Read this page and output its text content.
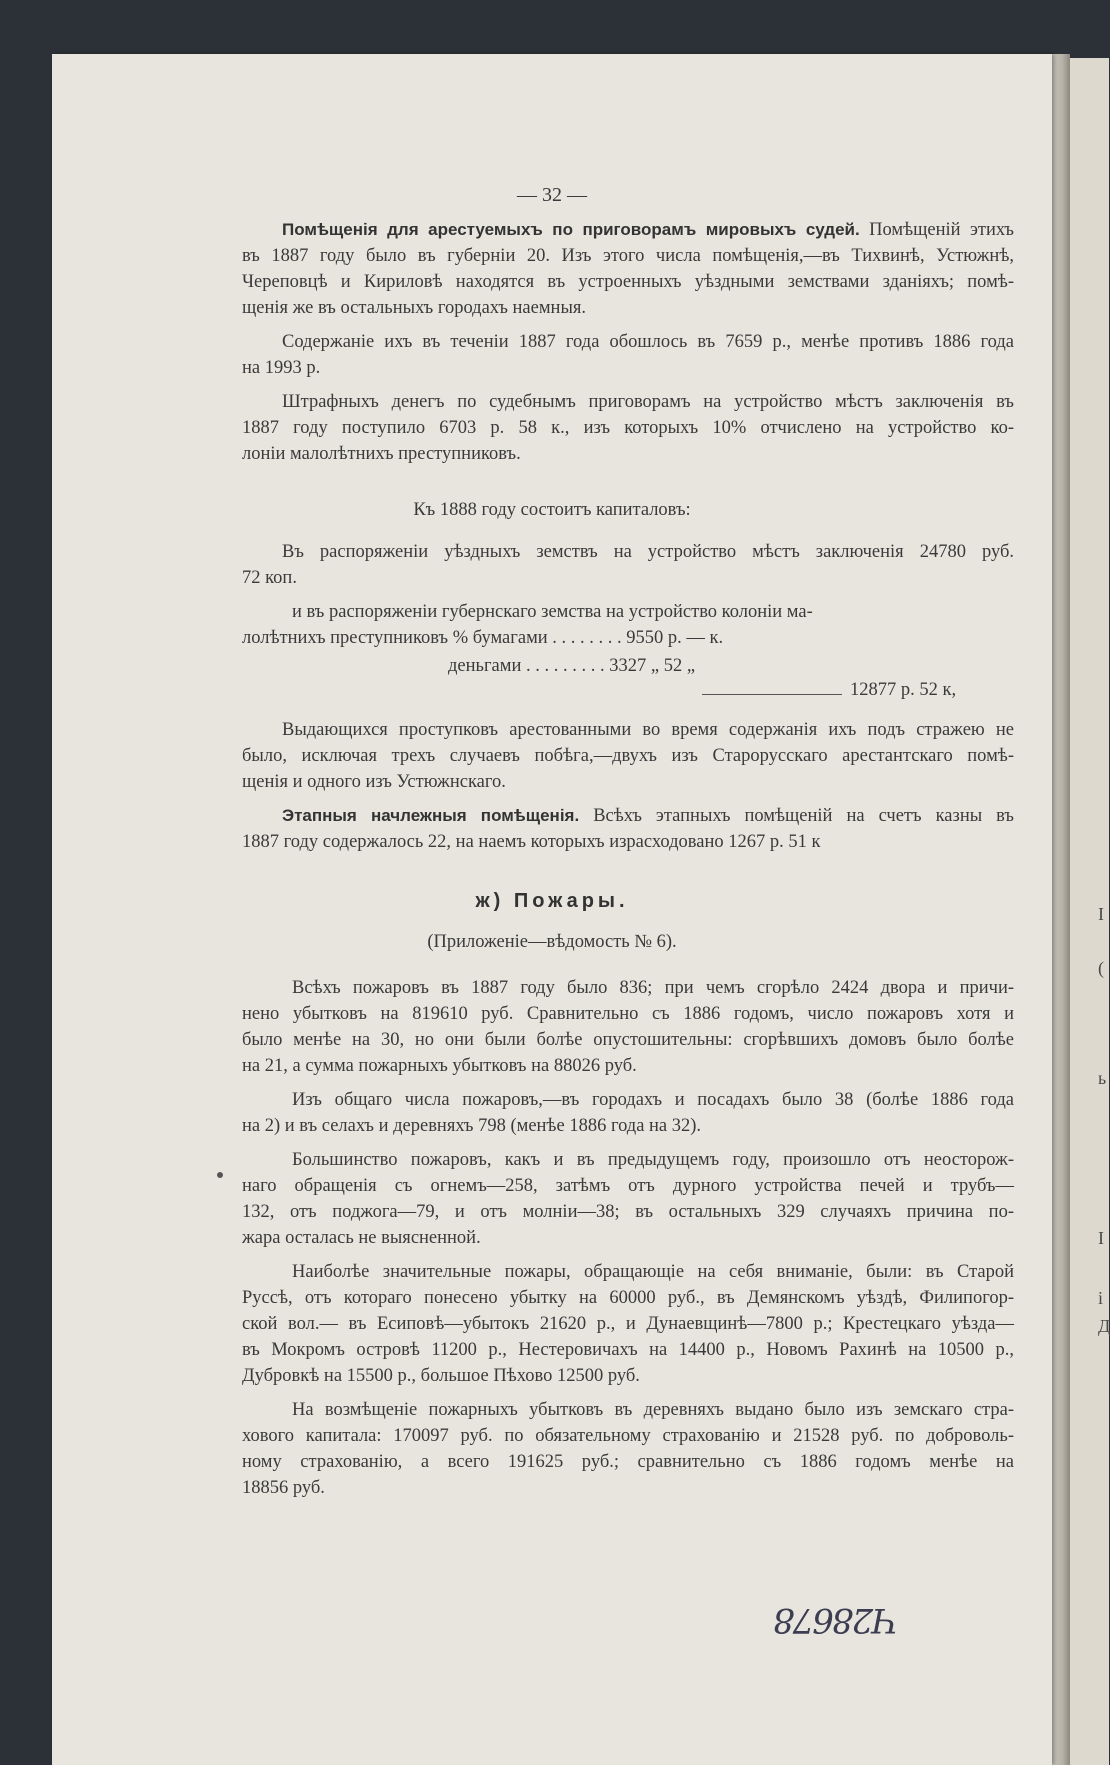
І
(
ь
І
і
Д
— 32 —
Помѣщенія для арестуемыхъ по приговорамъ мировыхъ судей. Помѣщеній этихъ
въ 1887 году было въ губерніи 20. Изъ этого числа помѣщенія,—въ Тихвинѣ, Устюжнѣ,
Череповцѣ и Кириловѣ находятся въ устроенныхъ уѣздными земствами зданіяхъ; помѣ-
щенія же въ остальныхъ городахъ наемныя.
Содержаніе ихъ въ теченіи 1887 года обошлось въ 7659 р., менѣе противъ 1886 года
на 1993 р.
Штрафныхъ денегъ по судебнымъ приговорамъ на устройство мѣстъ заключенія въ
1887 году поступило 6703 р. 58 к., изъ которыхъ 10% отчислено на устройство ко-
лоніи малолѣтнихъ преступниковъ.
Къ 1888 году состоитъ капиталовъ:
Въ распоряженіи уѣздныхъ земствъ на устройство мѣстъ заключенія 24780 руб.
72 коп.
и въ распоряженіи губернскаго земства на устройство колоніи ма-
лолѣтнихъ преступниковъ % бумагами . . . . . . . . 9550 р. — к.
деньгами . . . . . . . . . 3327 „ 52 „
12877 р. 52 к,
Выдающихся проступковъ арестованными во время содержанія ихъ подъ стражею не
было, исключая трехъ случаевъ побѣга,—двухъ изъ Старорусскаго арестантскаго помѣ-
щенія и одного изъ Устюжнскаго.
Этапныя начлежныя помѣщенія. Всѣхъ этапныхъ помѣщеній на счетъ казны въ
1887 году содержалось 22, на наемъ которыхъ израсходовано 1267 р. 51 к
ж) Пожары.
(Приложеніе—вѣдомость № 6).
Всѣхъ пожаровъ въ 1887 году было 836; при чемъ сгорѣло 2424 двора и причи-
нено убытковъ на 819610 руб. Сравнительно съ 1886 годомъ, число пожаровъ хотя и
было менѣе на 30, но они были болѣе опустошительны: сгорѣвшихъ домовъ было болѣе
на 21, а сумма пожарныхъ убытковъ на 88026 руб.
Изъ общаго числа пожаровъ,—въ городахъ и посадахъ было 38 (болѣе 1886 года
на 2) и въ селахъ и деревняхъ 798 (менѣе 1886 года на 32).
Большинство пожаровъ, какъ и въ предыдущемъ году, произошло отъ неосторож-
наго обращенія съ огнемъ—258, затѣмъ отъ дурного устройства печей и трубъ—
132, отъ поджога—79, и отъ молніи—38; въ остальныхъ 329 случаяхъ причина по-
жара осталась не выясненной.
Наиболѣе значительные пожары, обращающіе на себя вниманіе, были: въ Старой
Руссѣ, отъ котораго понесено убытку на 60000 руб., въ Демянскомъ уѣздѣ, Филипогор-
ской вол.— въ Есиповѣ—убытокъ 21620 р., и Дунаевщинѣ—7800 р.; Крестецкаго уѣзда—
въ Мокромъ островѣ 11200 р., Нестеровичахъ на 14400 р., Новомъ Рахинѣ на 10500 р.,
Дубровкѣ на 15500 р., большое Пѣхово 12500 руб.
На возмѣщеніе пожарныхъ убытковъ въ деревняхъ выдано было изъ земскаго стра-
хового капитала: 170097 руб. по обязательному страхованію и 21528 руб. по доброволь-
ному страхованію, а всего 191625 руб.; сравнительно съ 1886 годомъ менѣе на
18856 руб.
Ч28678
